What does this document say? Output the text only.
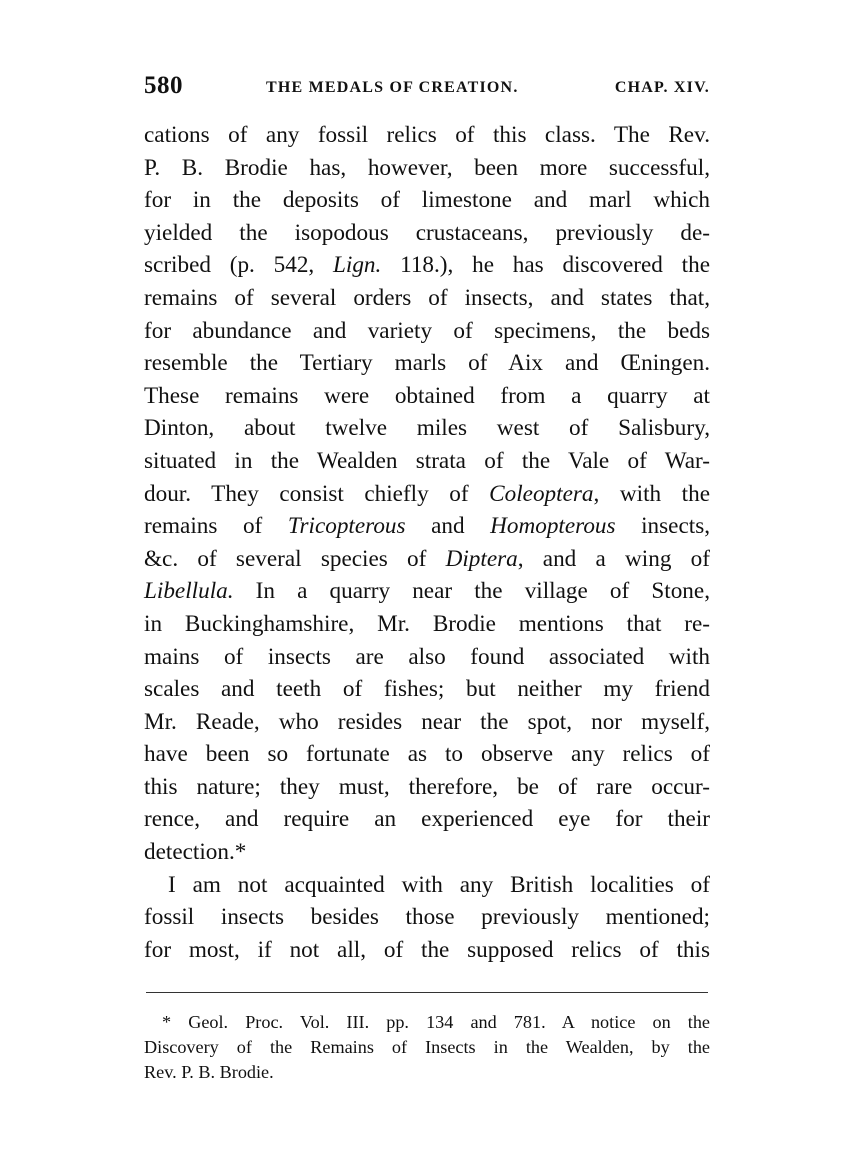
580	THE MEDALS OF CREATION.	CHAP. XIV.
cations of any fossil relics of this class. The Rev.
P. B. Brodie has, however, been more successful,
for in the deposits of limestone and marl which
yielded the isopodous crustaceans, previously de-
scribed (p. 542, Lign. 118.), he has discovered the
remains of several orders of insects, and states that,
for abundance and variety of specimens, the beds
resemble the Tertiary marls of Aix and Œningen.
These remains were obtained from a quarry at
Dinton, about twelve miles west of Salisbury,
situated in the Wealden strata of the Vale of War-
dour. They consist chiefly of Coleoptera, with the
remains of Tricopterous and Homopterous insects,
&c. of several species of Diptera, and a wing of
Libellula. In a quarry near the village of Stone,
in Buckinghamshire, Mr. Brodie mentions that re-
mains of insects are also found associated with
scales and teeth of fishes; but neither my friend
Mr. Reade, who resides near the spot, nor myself,
have been so fortunate as to observe any relics of
this nature; they must, therefore, be of rare occur-
rence, and require an experienced eye for their
detection.*
I am not acquainted with any British localities of
fossil insects besides those previously mentioned;
for most, if not all, of the supposed relics of this
* Geol. Proc. Vol. III. pp. 134 and 781. A notice on the
Discovery of the Remains of Insects in the Wealden, by the
Rev. P. B. Brodie.
